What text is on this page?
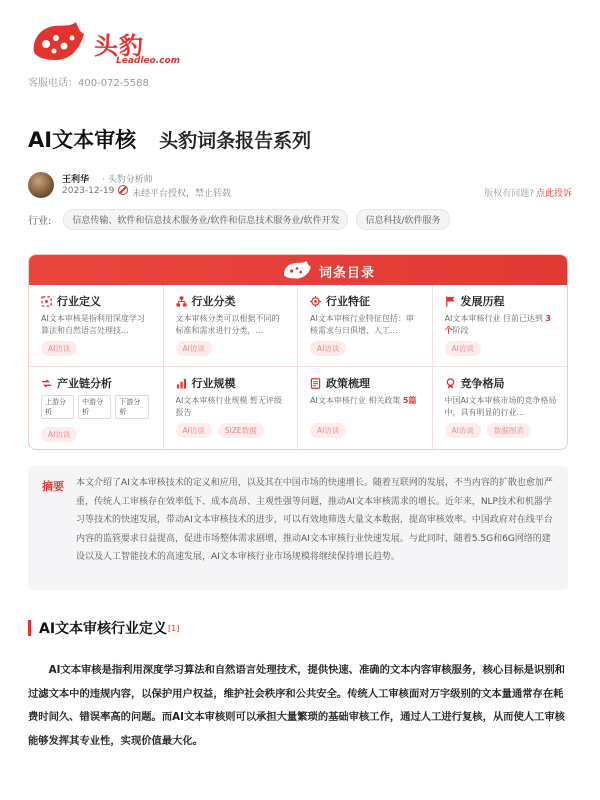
头豹
Leadleo.com
客服电话：400-072-5588
AI文本审核 头豹词条报告系列
王利华 · 头豹分析师
2023-12-19 未经平台授权，禁止转载	版权有问题? 点此投诉
行业:	信息传输、软件和信息技术服务业/软件和信息技术服务业/软件开发	信息科技/软件服务
词条目录
行业定义
AI文本审核是指利用深度学习算法和自然语言处理技...
AI访谈
行业分类
文本审核分类可以根据不同的标准和需求进行分类，...
AI访谈
行业特征
AI文本审核行业特征包括：审核需求与日俱增、人工...
AI访谈
发展历程
AI文本审核行业 目前已达到 3个阶段
AI访谈
产业链分析
上游分析
中游分析
下游分析
AI访谈
行业规模
AI文本审核行业规模 暂无评级报告
AI访谈	SIZE数据
政策梳理
AI文本审核行业 相关政策 5篇
AI访谈
竞争格局
中国AI文本审核市场的竞争格局中，具有明显的行业...
AI访谈	数据图表
摘要 本文介绍了AI文本审核技术的定义和应用，以及其在中国市场的快速增长。随着互联网的发展，不当内容的扩散也愈加严重，传统人工审核存在效率低下、成本高昂、主观性强等问题，推动AI文本审核需求的增长。近年来，NLP技术和机器学习等技术的快速发展，带动AI文本审核技术的进步，可以有效地筛选大量文本数据，提高审核效率。中国政府对在线平台内容的监管要求日益提高，促进市场整体需求剧增，推动AI文本审核行业快速发展。与此同时，随着5.5G和6G网络的建设以及人工智能技术的高速发展，AI文本审核行业市场规模将继续保持增长趋势。
AI文本审核行业定义 [1]

AI文本审核是指利用深度学习算法和自然语言处理技术，提供快速、准确的文本内容审核服务，核心目标是识别和过滤文本中的违规内容，以保护用户权益，维护社会秩序和公共安全。传统人工审核面对万字级别的文本量通常存在耗费时间久、错误率高的问题。而AI文本审核则可以承担大量繁琐的基础审核工作，通过人工进行复核，从而使人工审核能够发挥其专业性，实现价值最大化。
